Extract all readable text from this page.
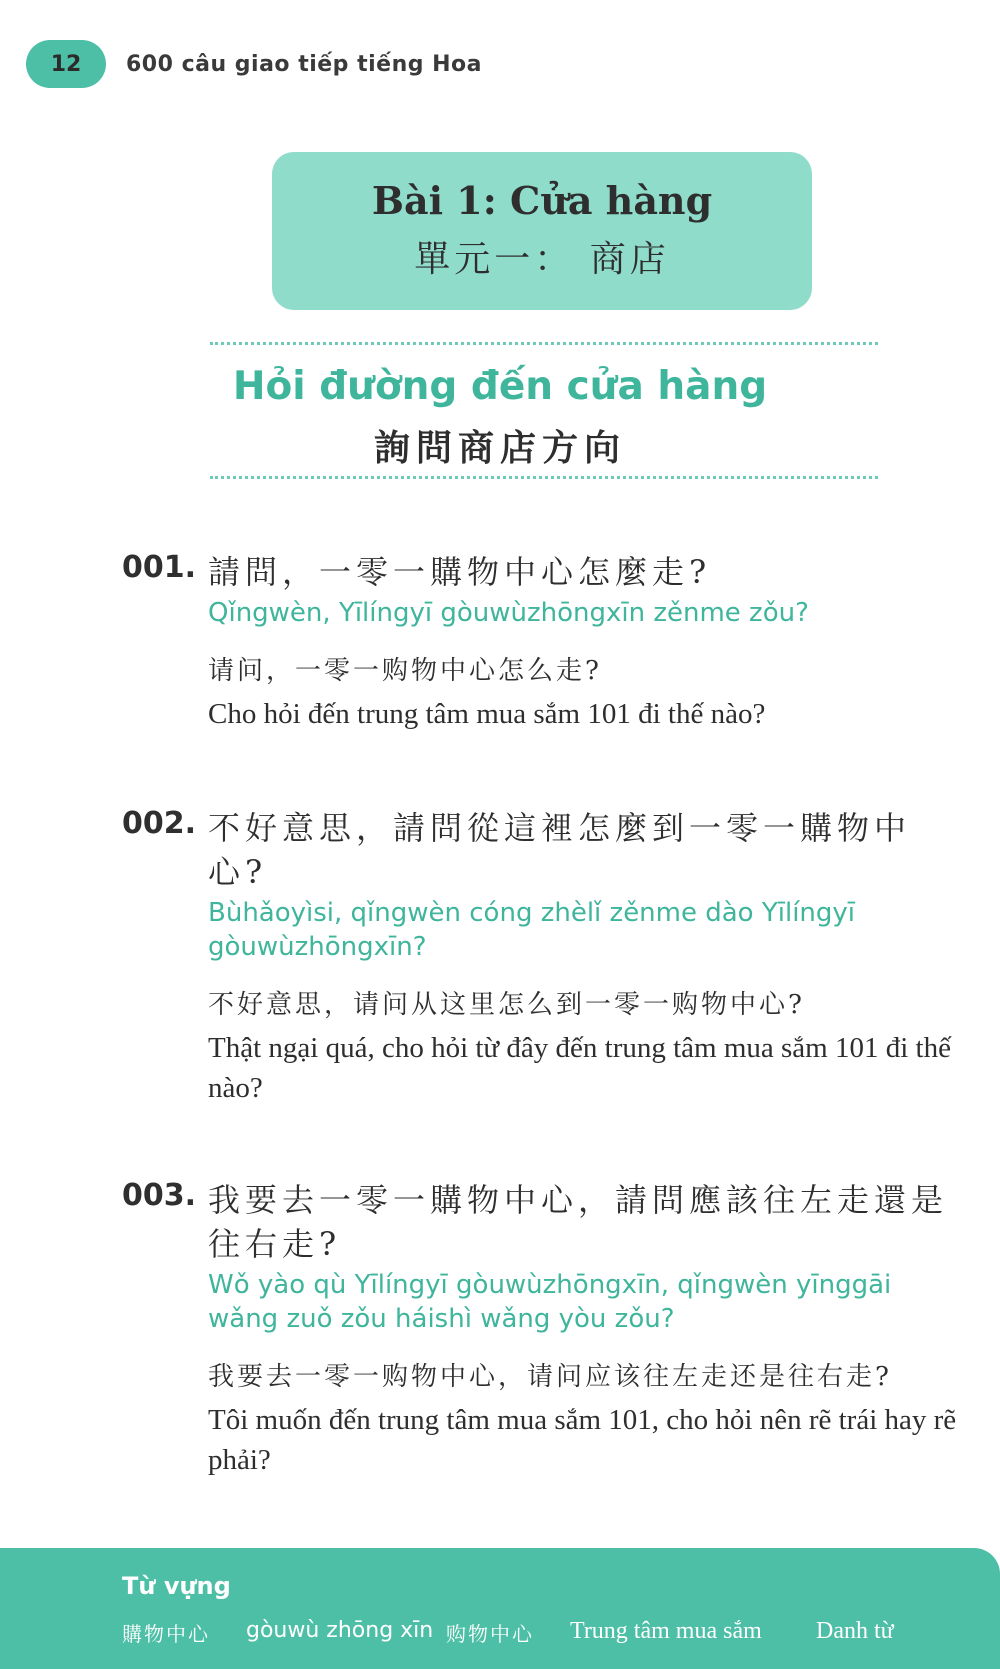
12	600 câu giao tiếp tiếng Hoa
Bài 1: Cửa hàng
單元一： 商店
Hỏi đường đến cửa hàng
詢問商店方向
001. 請問，一零一購物中心怎麼走?
Qǐngwèn, Yīlíngyī gòuwùzhōngxīn zěnme zǒu?
请问，一零一购物中心怎么走?
Cho hỏi đến trung tâm mua sắm 101 đi thế nào?
002. 不好意思，請問從這裡怎麼到一零一購物中心?
Bùhǎoyìsi, qǐngwèn cóng zhèlǐ zěnme dào Yīlíngyī gòuwùzhōngxīn?
不好意思，请问从这里怎么到一零一购物中心?
Thật ngại quá, cho hỏi từ đây đến trung tâm mua sắm 101 đi thế nào?
003. 我要去一零一購物中心，請問應該往左走還是往右走?
Wǒ yào qù Yīlíngyī gòuwùzhōngxīn, qǐngwèn yīnggāi wǎng zuǒ zǒu háishì wǎng yòu zǒu?
我要去一零一购物中心，请问应该往左走还是往右走?
Tôi muốn đến trung tâm mua sắm 101, cho hỏi nên rẽ trái hay rẽ phải?
Từ vựng
購物中心 gòuwù zhōng xīn 购物中心 Trung tâm mua sắm Danh từ
